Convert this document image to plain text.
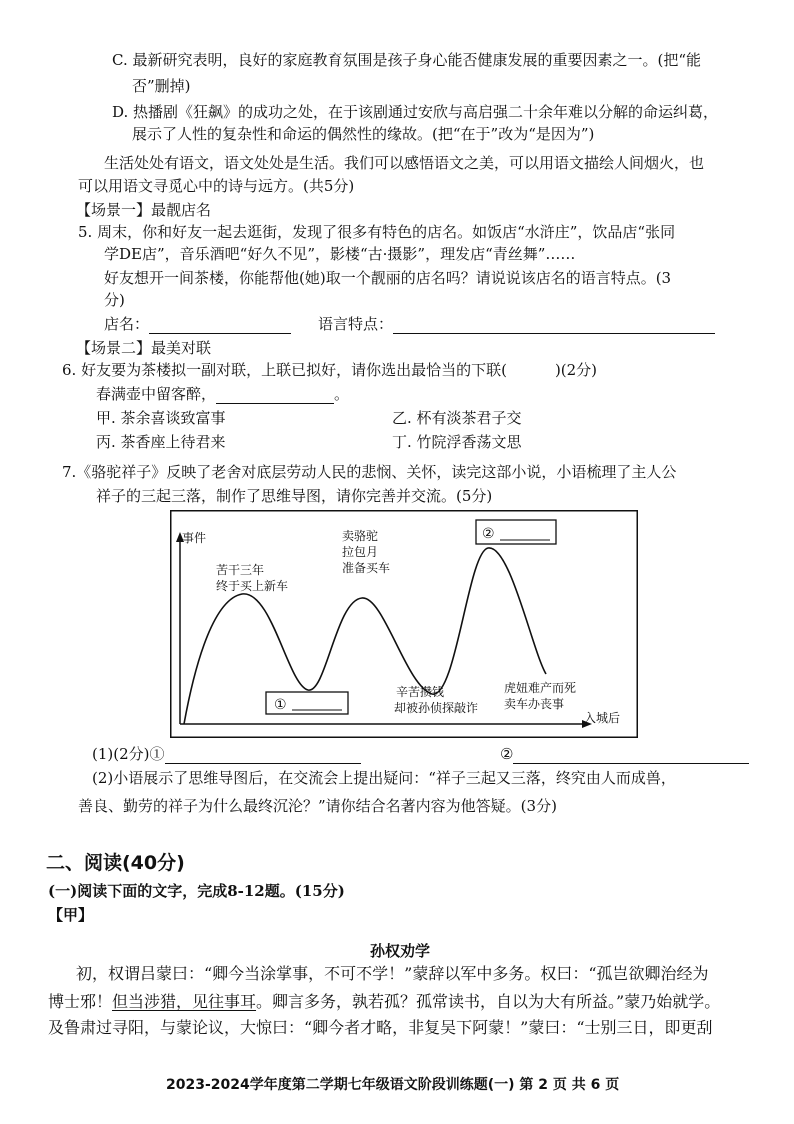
C. 最新研究表明，良好的家庭教育氛围是孩子身心能否健康发展的重要因素之一。(把“能
否”删掉)
D. 热播剧《狂飙》的成功之处，在于该剧通过安欣与高启强二十余年难以分解的命运纠葛，
展示了人性的复杂性和命运的偶然性的缘故。(把“在于”改为“是因为”)
生活处处有语文，语文处处是生活。我们可以感悟语文之美，可以用语文描绘人间烟火，也
可以用语文寻觅心中的诗与远方。(共5分)
【场景一】最靓店名
5. 周末，你和好友一起去逛街，发现了很多有特色的店名。如饭店“水浒庄”，饮品店“张同
学DE店”，音乐酒吧“好久不见”，影楼“古·摄影”，理发店“青丝舞”……
好友想开一间茶楼，你能帮他(她)取一个靓丽的店名吗？请说说该店名的语言特点。(3
分)
店名：	语言特点：
【场景二】最美对联
6. 好友要为茶楼拟一副对联，上联已拟好，请你选出最恰当的下联(	)(2分)
春满壶中留客醉，	。
甲. 茶余喜谈致富事	乙. 杯有淡茶君子交
丙. 茶香座上待君来	丁. 竹院浮香荡文思
7.《骆驼祥子》反映了老舍对底层劳动人民的悲悯、关怀，读完这部小说，小语梳理了主人公
祥子的三起三落，制作了思维导图，请你完善并交流。(5分)
①
②
事件
入城后
苦干三年
终于买上新车
卖骆驼
拉包月
准备买车
辛苦攒钱
却被孙侦探敲诈
虎妞难产而死
卖车办丧事
(1)(2分)①	②
(2)小语展示了思维导图后，在交流会上提出疑问：“祥子三起又三落，终究由人而成兽，
善良、勤劳的祥子为什么最终沉沦？”请你结合名著内容为他答疑。(3分)
二、阅读(40分)
(一)阅读下面的文字，完成8-12题。(15分)
【甲】
孙权劝学
初，权谓吕蒙曰：“卿今当涂掌事，不可不学！”蒙辞以军中多务。权曰：“孤岂欲卿治经为
博士邪！但当涉猎，见往事耳。卿言多务，孰若孤？孤常读书，自以为大有所益。”蒙乃始就学。
及鲁肃过寻阳，与蒙论议，大惊曰：“卿今者才略，非复吴下阿蒙！”蒙曰：“士别三日，即更刮
2023-2024学年度第二学期七年级语文阶段训练题(一) 第 2 页 共 6 页
